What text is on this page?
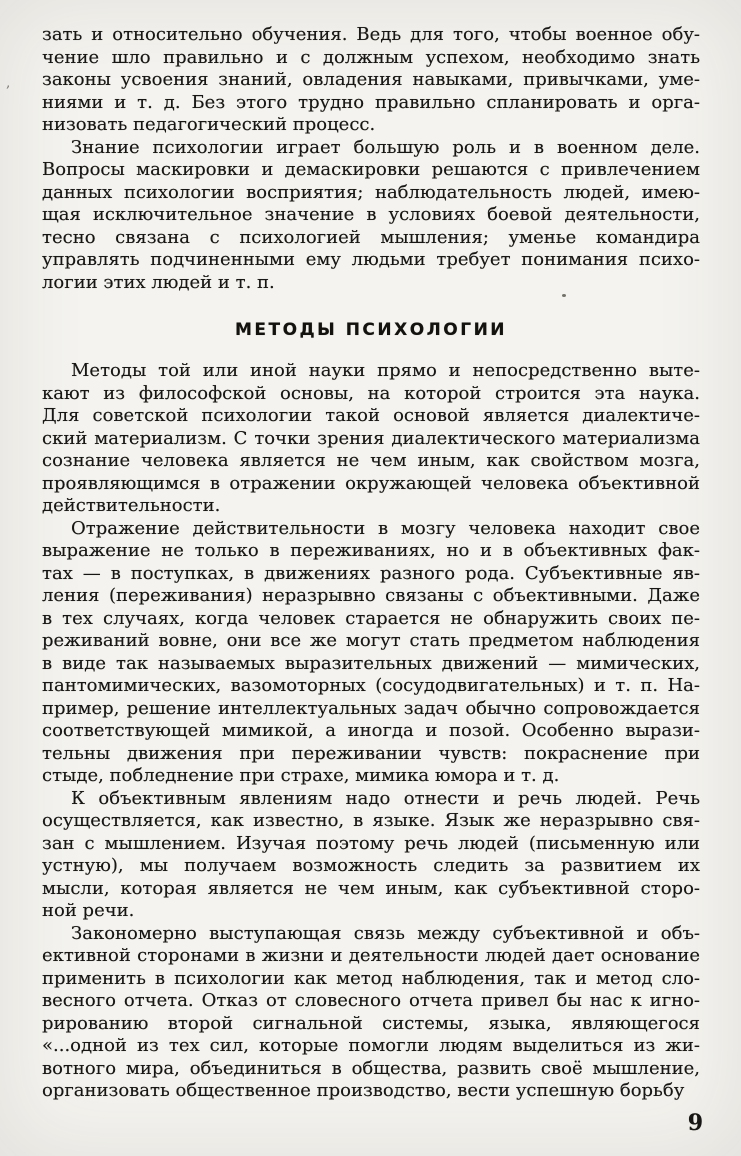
‚
зать и относительно обучения. Ведь для того, чтобы военное обу-
чение шло правильно и с должным успехом, необходимо знать
законы усвоения знаний, овладения навыками, привычками, уме-
ниями и т. д. Без этого трудно правильно спланировать и орга-
низовать педагогический процесс.
Знание психологии играет большую роль и в военном деле.
Вопросы маскировки и демаскировки решаются с привлечением
данных психологии восприятия; наблюдательность людей, имею-
щая исключительное значение в условиях боевой деятельности,
тесно связана с психологией мышления; уменье командира
управлять подчиненными ему людьми требует понимания психо-
логии этих людей и т. п.
МЕТОДЫ ПСИХОЛОГИИ
Методы той или иной науки прямо и непосредственно выте-
кают из философской основы, на которой строится эта наука.
Для советской психологии такой основой является диалектиче-
ский материализм. С точки зрения диалектического материализма
сознание человека является не чем иным, как свойством мозга,
проявляющимся в отражении окружающей человека объективной
действительности.
Отражение действительности в мозгу человека находит свое
выражение не только в переживаниях, но и в объективных фак-
тах — в поступках, в движениях разного рода. Субъективные яв-
ления (переживания) неразрывно связаны с объективными. Даже
в тех случаях, когда человек старается не обнаружить своих пе-
реживаний вовне, они все же могут стать предметом наблюдения
в виде так называемых выразительных движений — мимических,
пантомимических, вазомоторных (сосудодвигательных) и т. п. На-
пример, решение интеллектуальных задач обычно сопровождается
соответствующей мимикой, а иногда и позой. Особенно вырази-
тельны движения при переживании чувств: покраснение при
стыде, побледнение при страхе, мимика юмора и т. д.
К объективным явлениям надо отнести и речь людей. Речь
осуществляется, как известно, в языке. Язык же неразрывно свя-
зан с мышлением. Изучая поэтому речь людей (письменную или
устную), мы получаем возможность следить за развитием их
мысли, которая является не чем иным, как субъективной сторо-
ной речи.
Закономерно выступающая связь между субъективной и объ-
ективной сторонами в жизни и деятельности людей дает основание
применить в психологии как метод наблюдения, так и метод сло-
весного отчета. Отказ от словесного отчета привел бы нас к игно-
рированию второй сигнальной системы, языка, являющегося
«...одной из тех сил, которые помогли людям выделиться из жи-
вотного мира, объединиться в общества, развить своё мышление,
организовать общественное производство, вести успешную борьбу
9
